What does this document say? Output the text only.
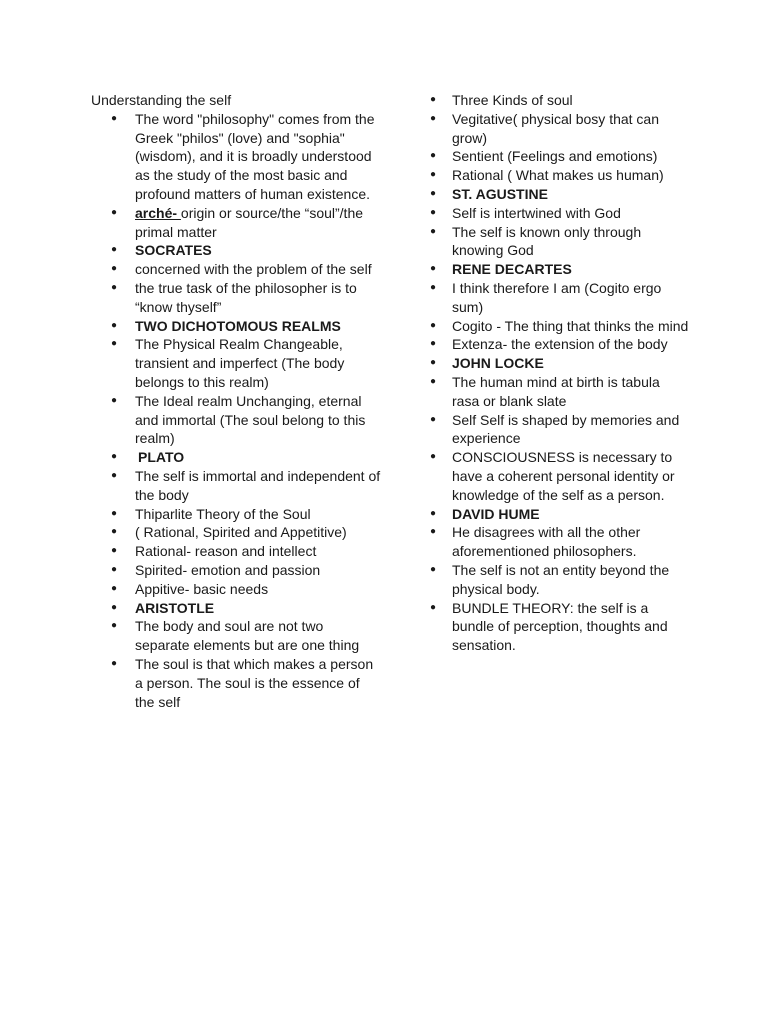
Understanding the self

● The word "philosophy" comes from the Greek "philos" (love) and "sophia" (wisdom), and it is broadly understood as the study of the most basic and profound matters of human existence.
● arché- origin or source/the “soul”/the primal matter
● SOCRATES
● concerned with the problem of the self
● the true task of the philosopher is to “know thyself”
● TWO DICHOTOMOUS REALMS
● The Physical Realm Changeable, transient and imperfect (The body belongs to this realm)
● The Ideal realm Unchanging, eternal and immortal (The soul belong to this realm)
● PLATO
● The self is immortal and independent of the body
● Thiparlite Theory of the Soul
● ( Rational, Spirited and Appetitive)
● Rational- reason and intellect
● Spirited- emotion and passion
● Appitive- basic needs
● ARISTOTLE
● The body and soul are not two separate elements but are one thing
● The soul is that which makes a person a person. The soul is the essence of the self
● Three Kinds of soul
● Vegitative( physical bosy that can grow)
● Sentient (Feelings and emotions)
● Rational ( What makes us human)
● ST. AGUSTINE
● Self is intertwined with God
● The self is known only through knowing God
● RENE DECARTES
● I think therefore I am (Cogito ergo sum)
● Cogito - The thing that thinks the mind
● Extenza- the extension of the body
● JOHN LOCKE
● The human mind at birth is tabula rasa or blank slate
● Self Self is shaped by memories and experience
● CONSCIOUSNESS is necessary to have a coherent personal identity or knowledge of the self as a person.
● DAVID HUME
● He disagrees with all the other aforementioned philosophers.
● The self is not an entity beyond the physical body.
● BUNDLE THEORY: the self is a bundle of perception, thoughts and sensation.
